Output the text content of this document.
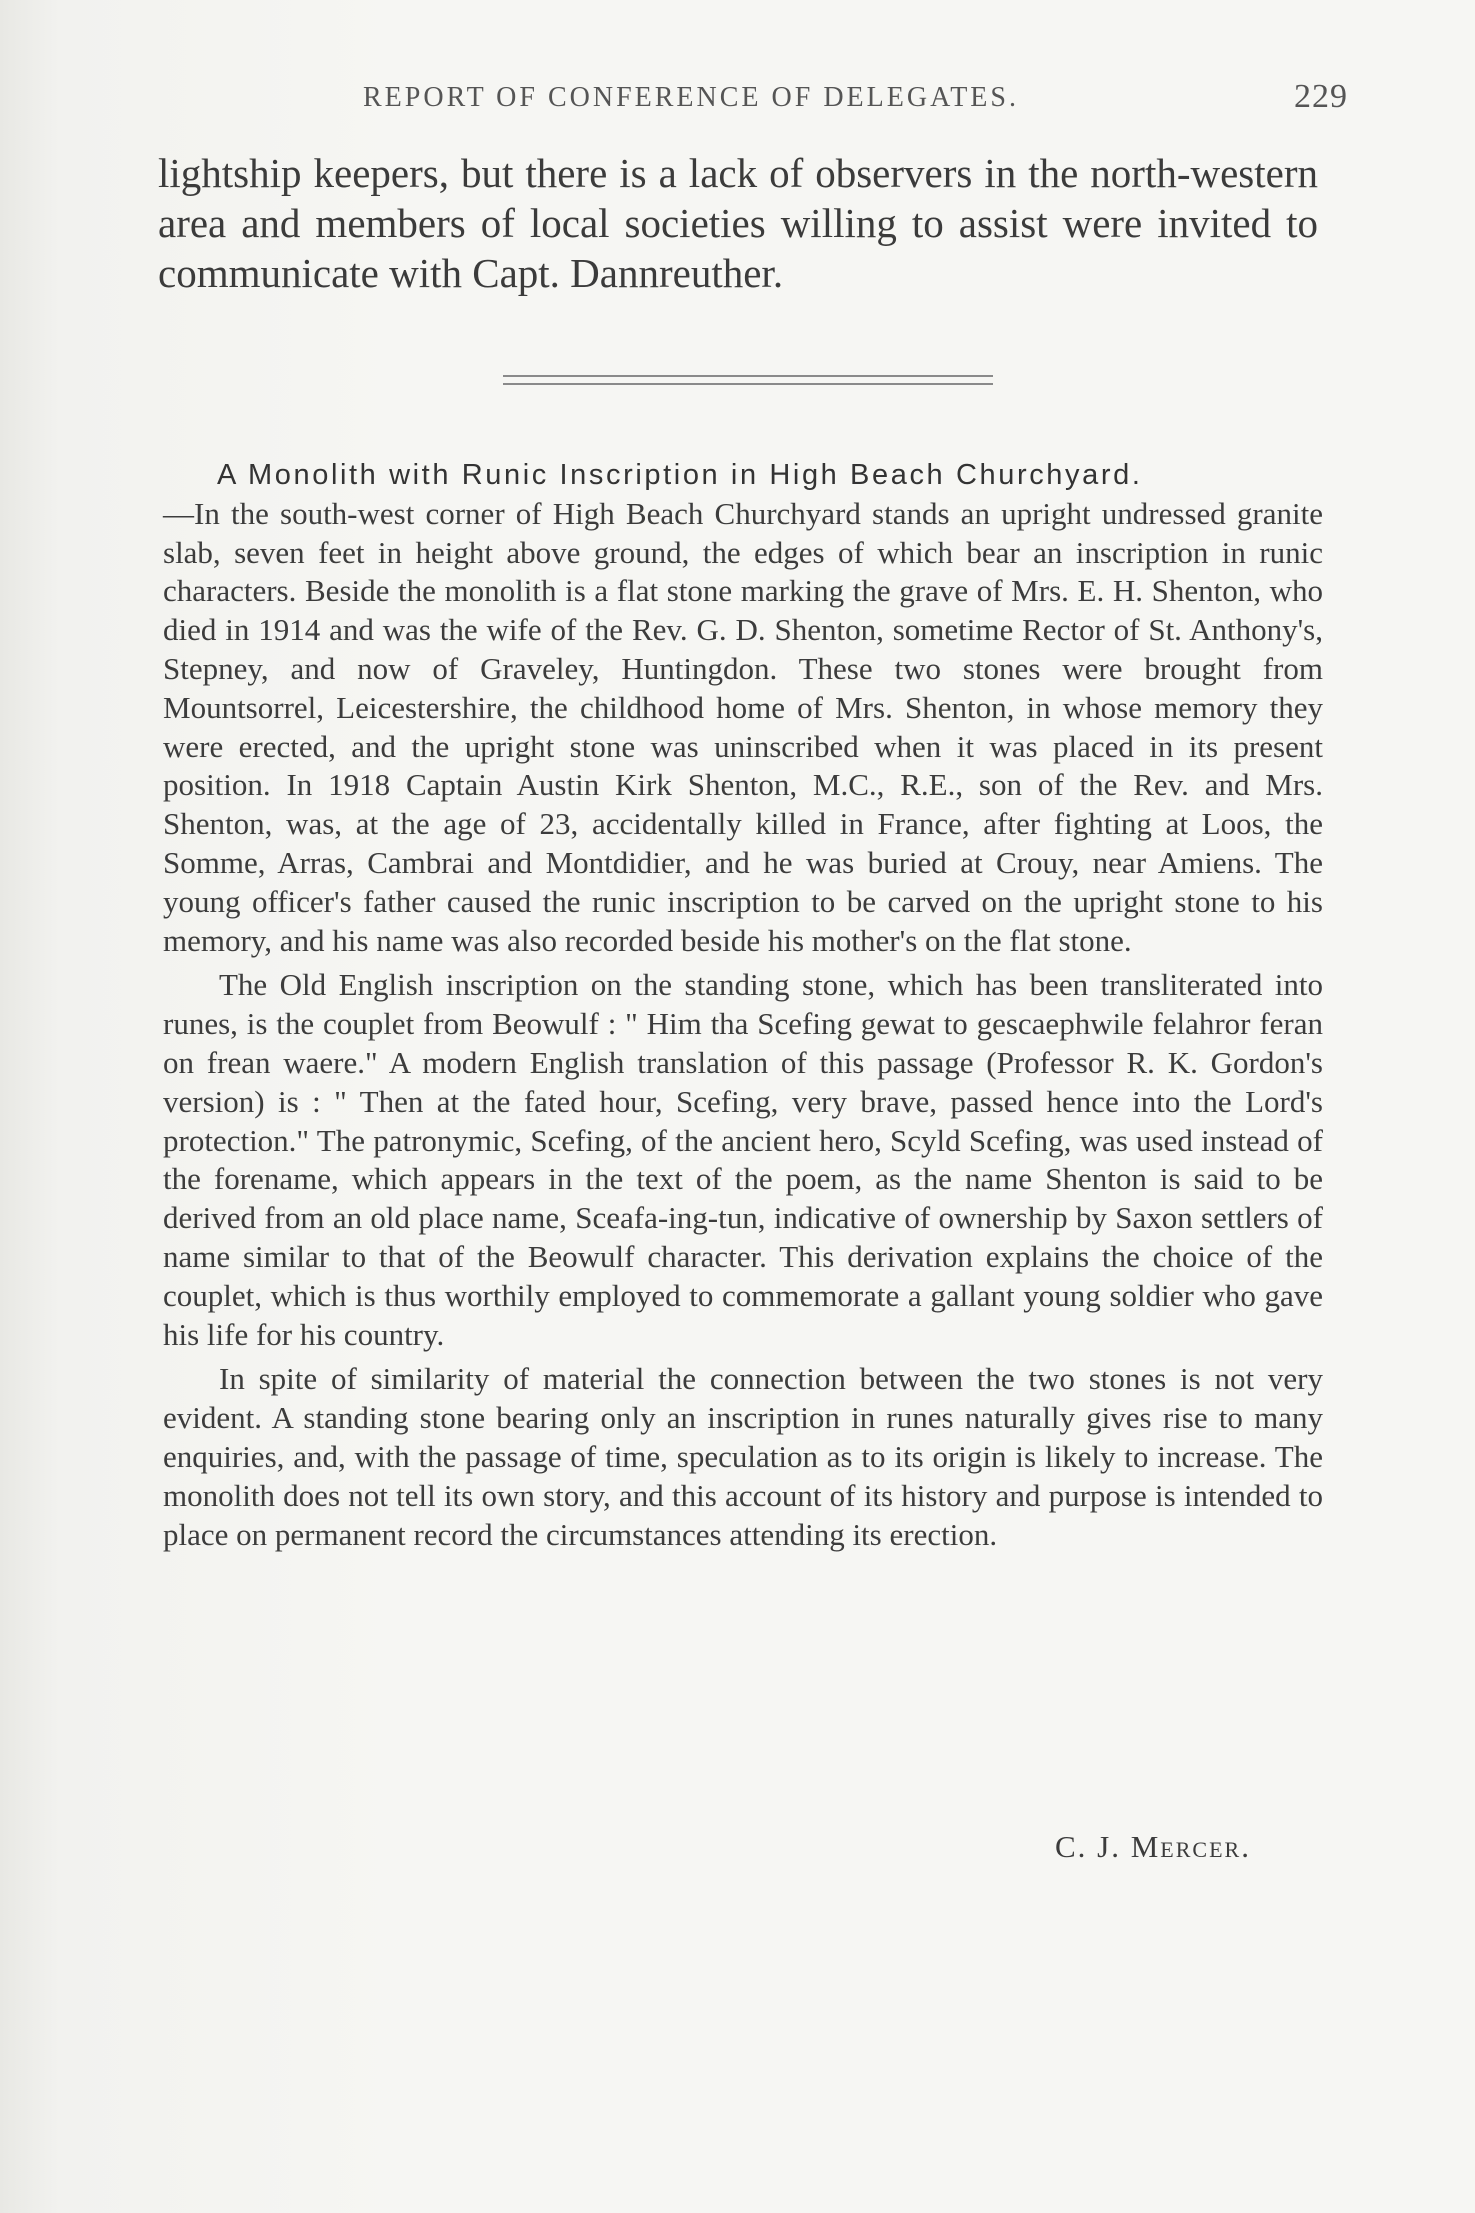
REPORT OF CONFERENCE OF DELEGATES.	229
lightship keepers, but there is a lack of observers in the north-western area and members of local societies willing to assist were invited to communicate with Capt. Dannreuther.
A Monolith with Runic Inscription in High Beach Churchyard.

—In the south-west corner of High Beach Churchyard stands an upright undressed granite slab, seven feet in height above ground, the edges of which bear an inscription in runic characters. Beside the monolith is a flat stone marking the grave of Mrs. E. H. Shenton, who died in 1914 and was the wife of the Rev. G. D. Shenton, sometime Rector of St. Anthony's, Stepney, and now of Graveley, Huntingdon. These two stones were brought from Mountsorrel, Leicestershire, the childhood home of Mrs. Shenton, in whose memory they were erected, and the upright stone was uninscribed when it was placed in its present position. In 1918 Captain Austin Kirk Shenton, M.C., R.E., son of the Rev. and Mrs. Shenton, was, at the age of 23, accidentally killed in France, after fighting at Loos, the Somme, Arras, Cambrai and Montdidier, and he was buried at Crouy, near Amiens. The young officer's father caused the runic inscription to be carved on the upright stone to his memory, and his name was also recorded beside his mother's on the flat stone.

The Old English inscription on the standing stone, which has been transliterated into runes, is the couplet from Beowulf : " Him tha Scefing gewat to gescaephwile felahror feran on frean waere." A modern English translation of this passage (Professor R. K. Gordon's version) is : " Then at the fated hour, Scefing, very brave, passed hence into the Lord's protection." The patronymic, Scefing, of the ancient hero, Scyld Scefing, was used instead of the forename, which appears in the text of the poem, as the name Shenton is said to be derived from an old place name, Sceafa-ing-tun, indicative of ownership by Saxon settlers of name similar to that of the Beowulf character. This derivation explains the choice of the couplet, which is thus worthily employed to commemorate a gallant young soldier who gave his life for his country.

In spite of similarity of material the connection between the two stones is not very evident. A standing stone bearing only an inscription in runes naturally gives rise to many enquiries, and, with the passage of time, speculation as to its origin is likely to increase. The monolith does not tell its own story, and this account of its history and purpose is intended to place on permanent record the circumstances attending its erection.

C. J. Mercer.
